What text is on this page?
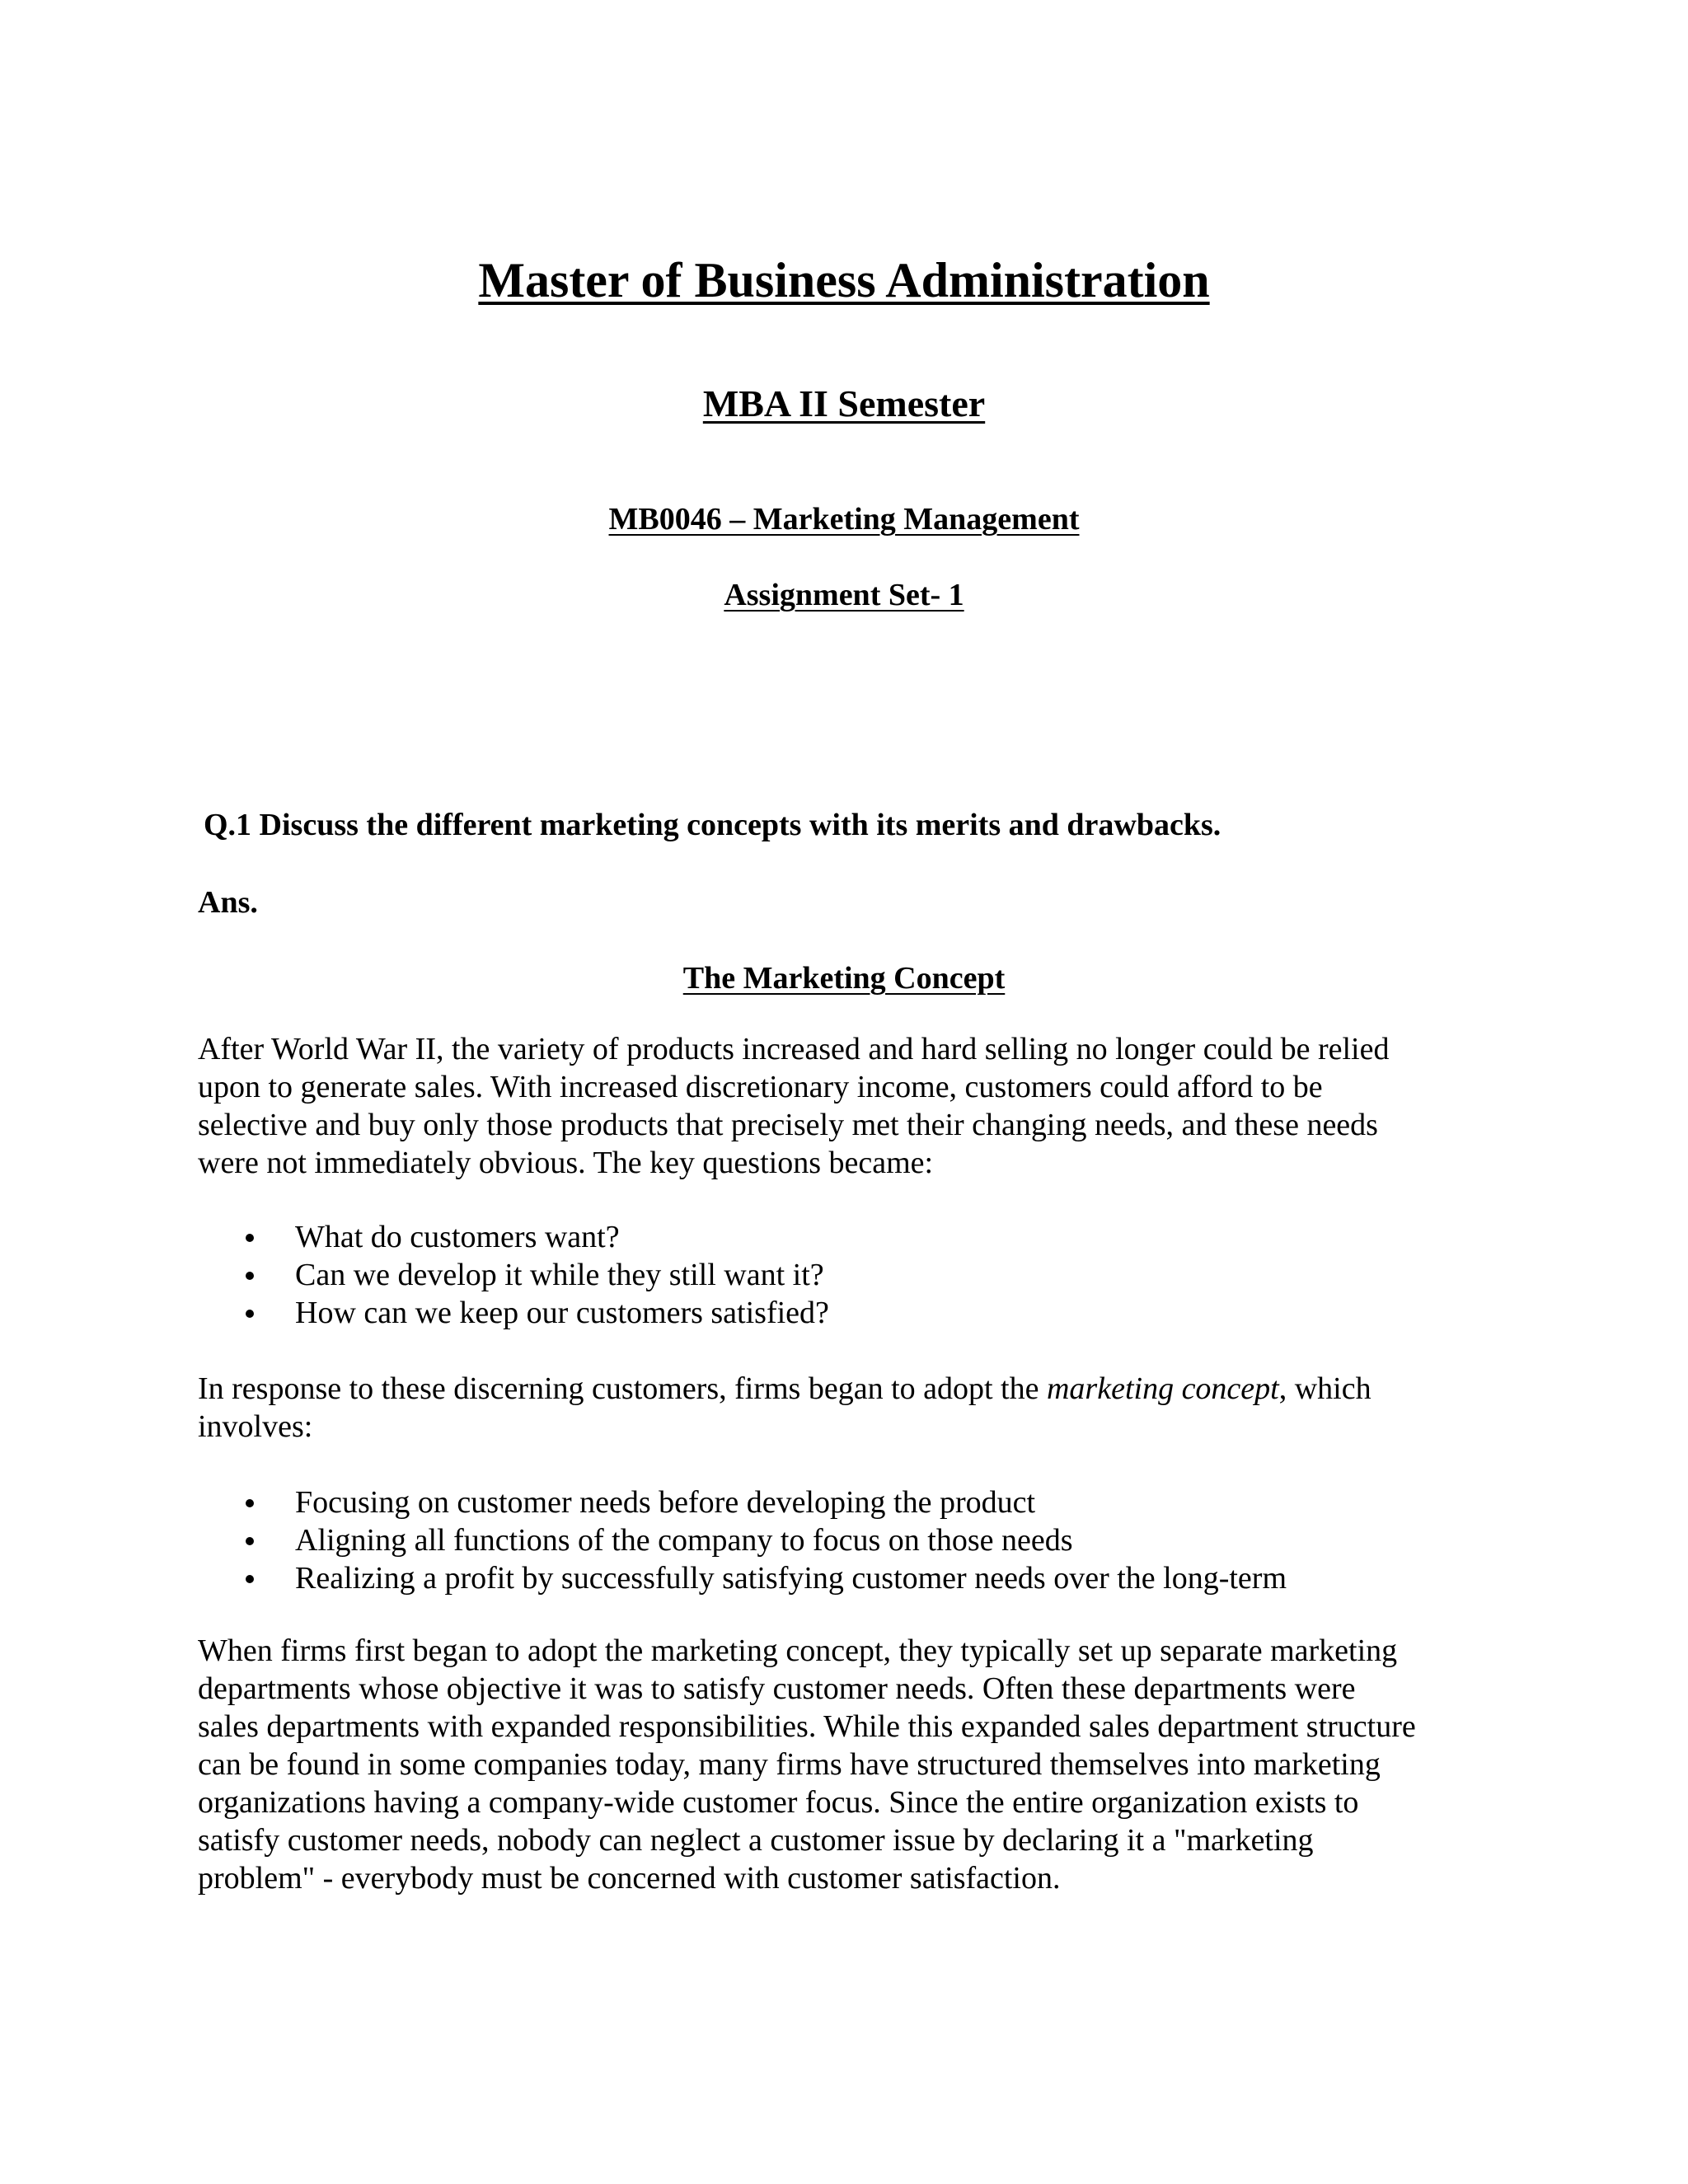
Master of Business Administration
MBA II Semester
MB0046 – Marketing Management
Assignment Set- 1
Q.1 Discuss the different marketing concepts with its merits and drawbacks.
Ans.
The Marketing Concept

After World War II, the variety of products increased and hard selling no longer could be relied

upon to generate sales. With increased discretionary income, customers could afford to be

selective and buy only those products that precisely met their changing needs, and these needs

were not immediately obvious. The key questions became:

What do customers want?
Can we develop it while they still want it?
How can we keep our customers satisfied?

In response to these discerning customers, firms began to adopt the marketing concept, which

involves:

Focusing on customer needs before developing the product
Aligning all functions of the company to focus on those needs
Realizing a profit by successfully satisfying customer needs over the long-term

When firms first began to adopt the marketing concept, they typically set up separate marketing

departments whose objective it was to satisfy customer needs. Often these departments were

sales departments with expanded responsibilities. While this expanded sales department structure

can be found in some companies today, many firms have structured themselves into marketing

organizations having a company-wide customer focus. Since the entire organization exists to

satisfy customer needs, nobody can neglect a customer issue by declaring it a "marketing

problem" - everybody must be concerned with customer satisfaction.
